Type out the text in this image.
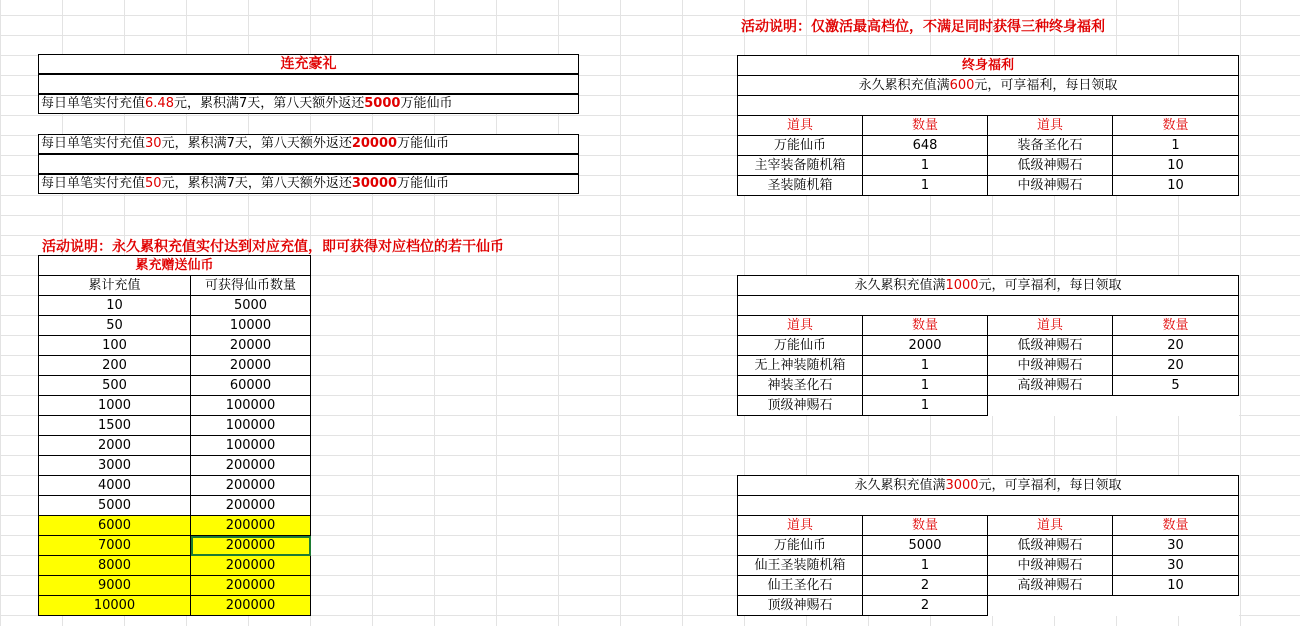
活动说明：仅激活最高档位，不满足同时获得三种终身福利
活动说明：永久累积充值实付达到对应充值，即可获得对应档位的若干仙币
连充豪礼
每日单笔实付充值6.48元，累积满7天，第八天额外返还5000万能仙币
每日单笔实付充值30元，累积满7天，第八天额外返还20000万能仙币
每日单笔实付充值50元，累积满7天，第八天额外返还30000万能仙币
累充赠送仙币	
累计充值	可获得仙币数量
10	5000
50	10000
100	20000
200	20000
500	60000
1000	100000
1500	100000
2000	100000
3000	200000
4000	200000
5000	200000
6000	200000
7000	200000
8000	200000
9000	200000
10000	200000
终身福利			
永久累积充值满600元，可享福利，每日领取			

道具	数量	道具	数量
万能仙币	648	装备圣化石	1
主宰装备随机箱	1	低级神赐石	10
圣装随机箱	1	中级神赐石	10
永久累积充值满1000元，可享福利，每日领取			

道具	数量	道具	数量
万能仙币	2000	低级神赐石	20
无上神装随机箱	1	中级神赐石	20
神装圣化石	1	高级神赐石	5
顶级神赐石	1		
永久累积充值满3000元，可享福利，每日领取			

道具	数量	道具	数量
万能仙币	5000	低级神赐石	30
仙王圣装随机箱	1	中级神赐石	30
仙王圣化石	2	高级神赐石	10
顶级神赐石	2		
